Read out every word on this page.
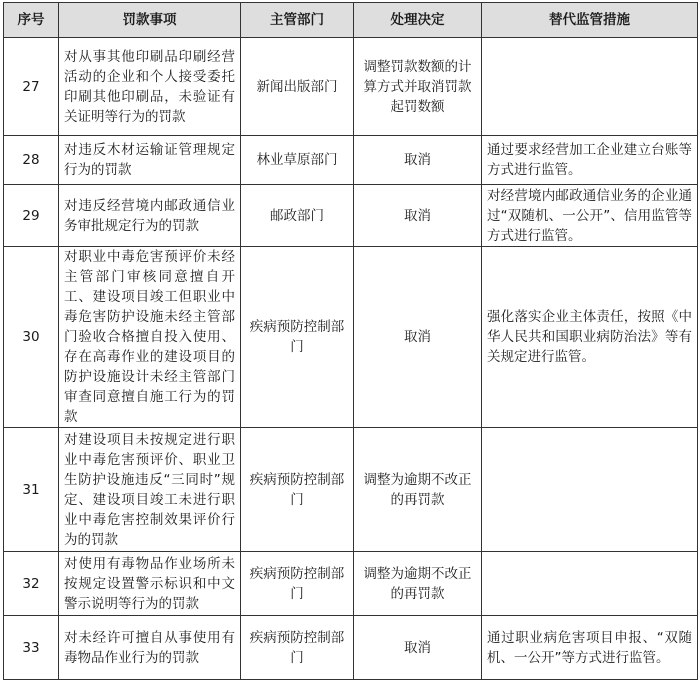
序号	罚款事项	主管部门	处理决定	替代监管措施
27	对从事其他印刷品印刷经营活动的企业和个人接受委托印刷其他印刷品，未验证有关证明等行为的罚款	新闻出版部门	调整罚款数额的计算方式并取消罚款起罚数额	
28	对违反木材运输证管理规定行为的罚款	林业草原部门	取消	通过要求经营加工企业建立台账等方式进行监管。
29	对违反经营境内邮政通信业务审批规定行为的罚款	邮政部门	取消	对经营境内邮政通信业务的企业通过“双随机、一公开”、信用监管等方式进行监管。
30	对职业中毒危害预评价未经主管部门审核同意擅自开工、建设项目竣工但职业中毒危害防护设施未经主管部门验收合格擅自投入使用、存在高毒作业的建设项目的防护设施设计未经主管部门审查同意擅自施工行为的罚款	疾病预防控制部门	取消	强化落实企业主体责任，按照《中华人民共和国职业病防治法》等有关规定进行监管。
31	对建设项目未按规定进行职业中毒危害预评价、职业卫生防护设施违反“三同时”规定、建设项目竣工未进行职业中毒危害控制效果评价行为的罚款	疾病预防控制部门	调整为逾期不改正的再罚款	
32	对使用有毒物品作业场所未按规定设置警示标识和中文警示说明等行为的罚款	疾病预防控制部门	调整为逾期不改正的再罚款	
33	对未经许可擅自从事使用有毒物品作业行为的罚款	疾病预防控制部门	取消	通过职业病危害项目申报、“双随机、一公开”等方式进行监管。
